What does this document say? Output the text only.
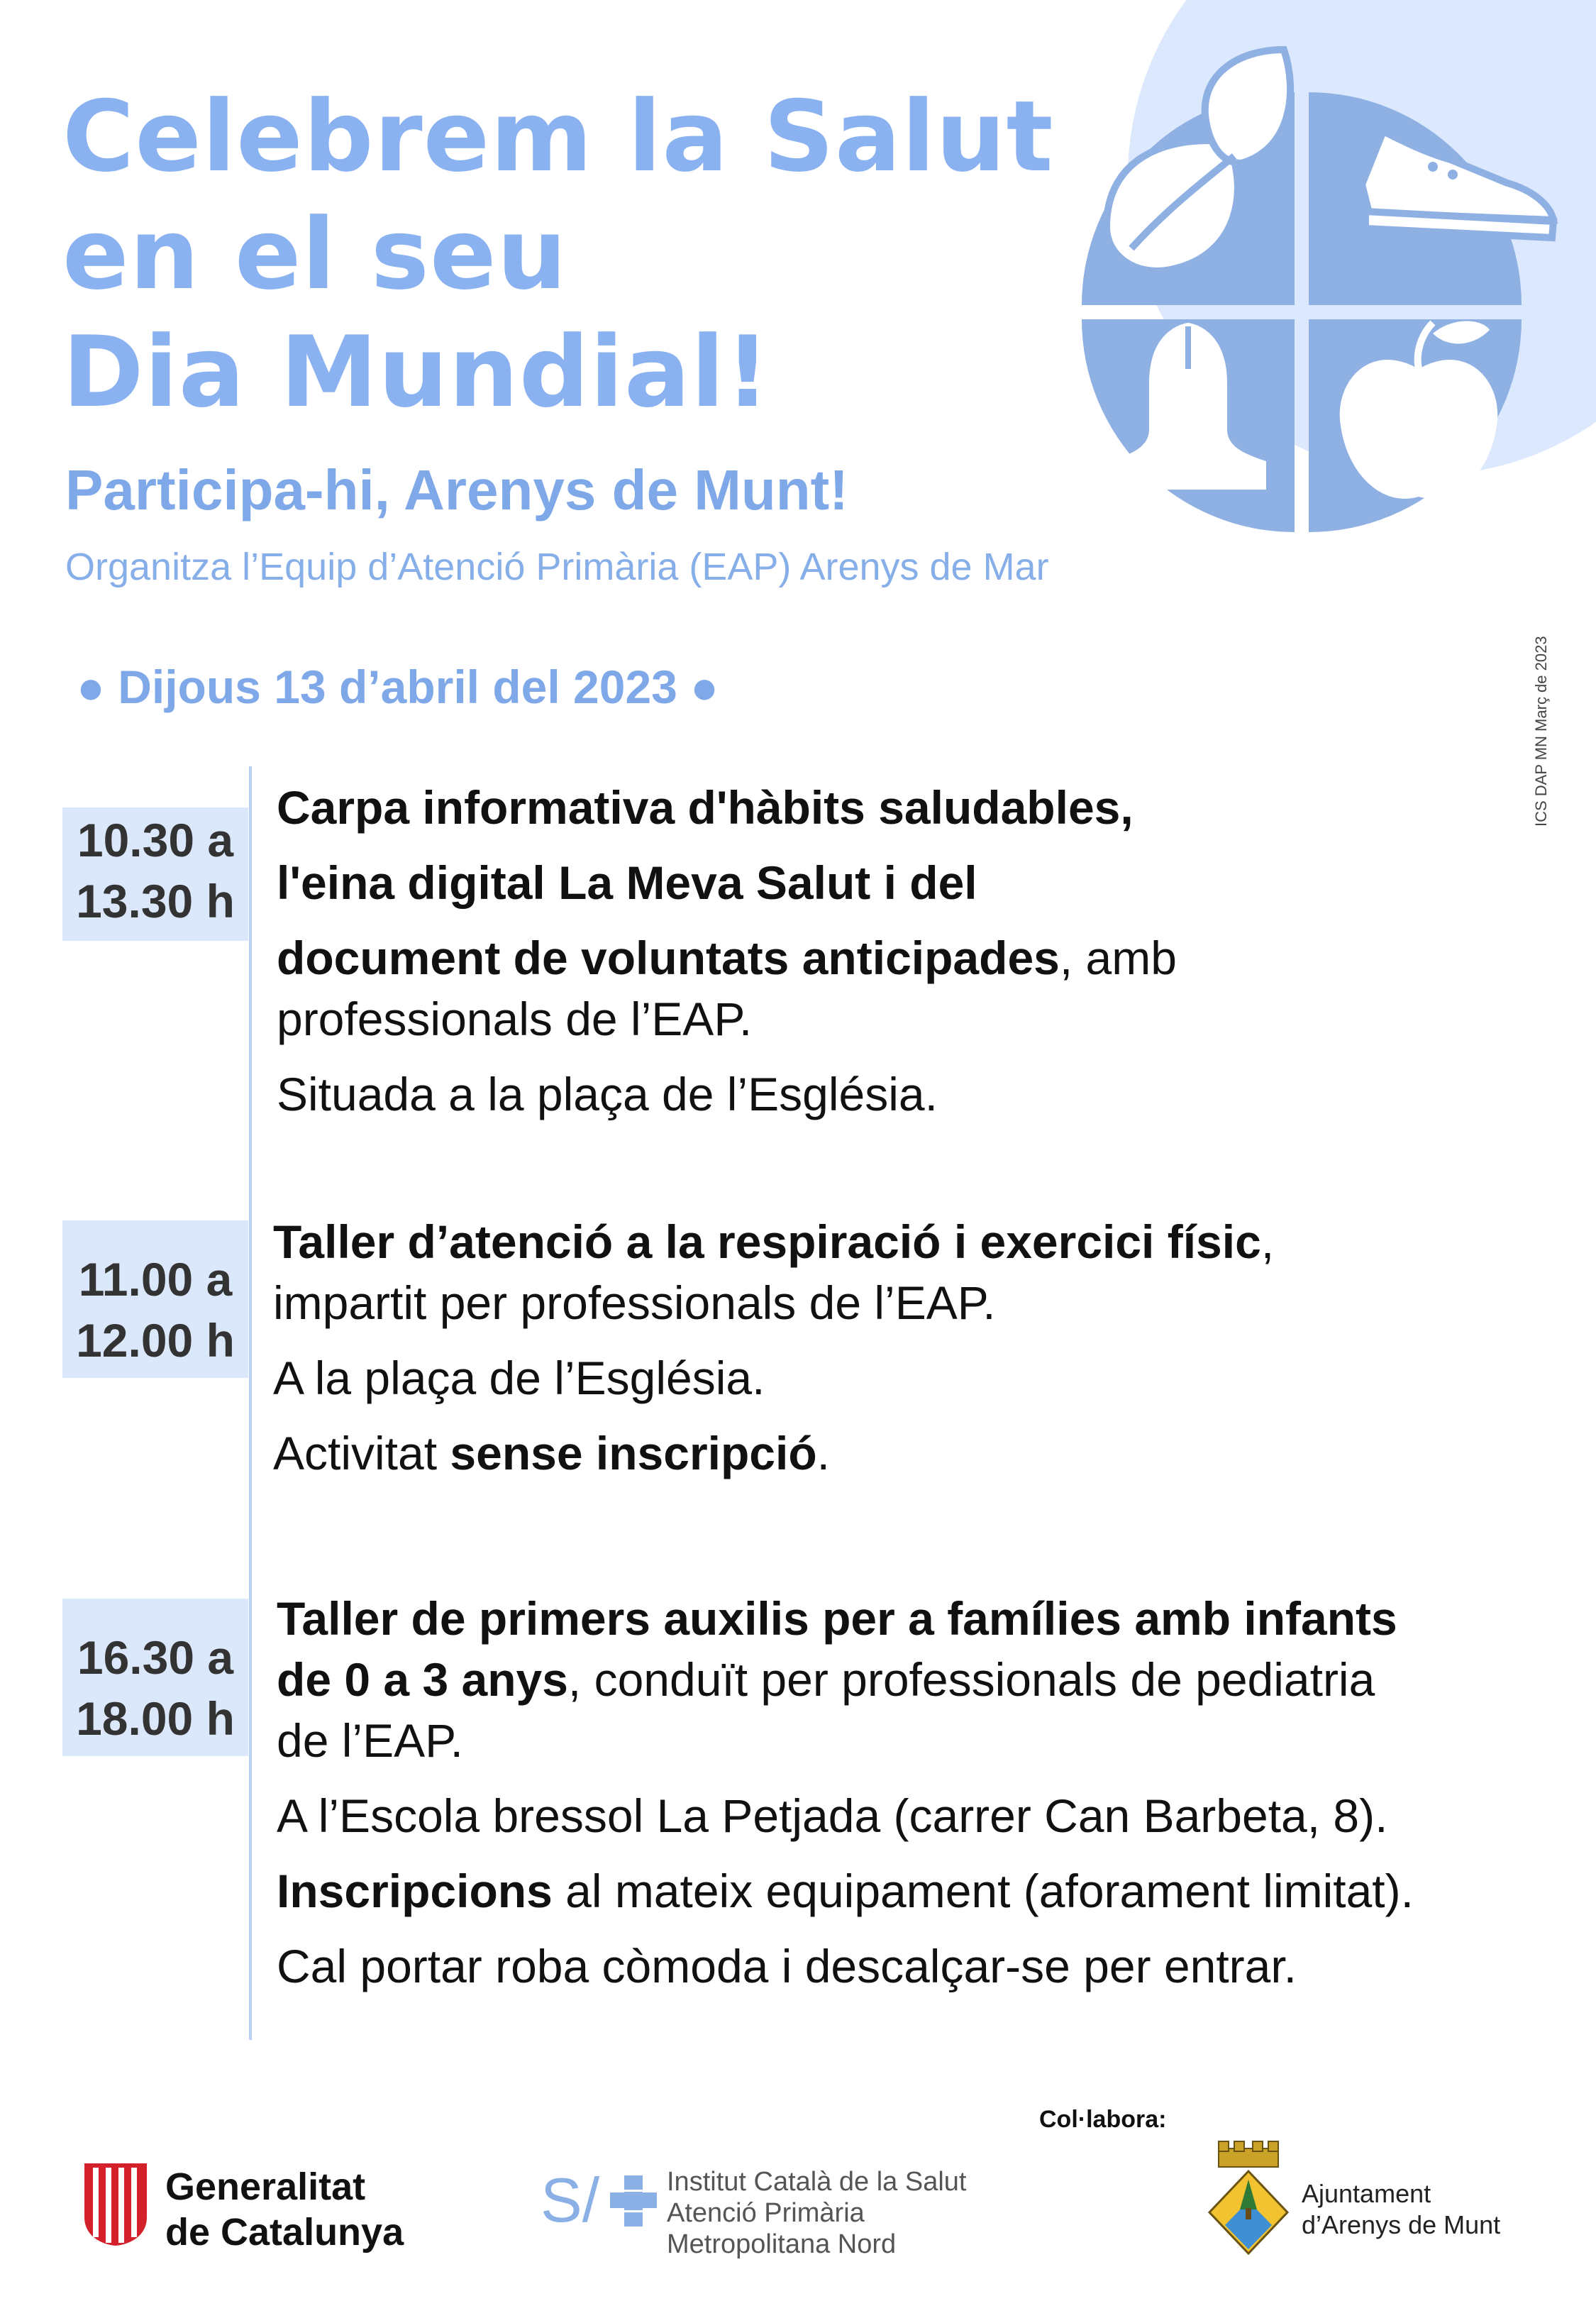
Celebrem la Salut
en el seu
Dia Mundial!
Participa-hi, Arenys de Munt!
Organitza l’Equip d’Atenció Primària (EAP) Arenys de Mar
● Dijous 13 d’abril del 2023 ●	ICS DAP MN Març de 2023
10.30 a
13.30 h

Carpa informativa d'hàbits saludables,

l'eina digital La Meva Salut i del

document de voluntats anticipades, amb

professionals de l’EAP.

Situada a la plaça de l’Església.

11.00 a
12.00 h

Taller d’atenció a la respiració i exercici físic,

impartit per professionals de l’EAP.

A la plaça de l’Església.

Activitat sense inscripció.

16.30 a
18.00 h

Taller de primers auxilis per a famílies amb infants

de 0 a 3 anys, conduït per professionals de pediatria

de l’EAP.

A l’Escola bressol La Petjada (carrer Can Barbeta, 8).

Inscripcions al mateix equipament (aforament limitat).

Cal portar roba còmoda i descalçar-se per entrar.

Col·labora:
Generalitat
de Catalunya S/ Institut Català de la Salut
Atenció Primària
Metropolitana Nord
Ajuntament
d’Arenys de Munt
